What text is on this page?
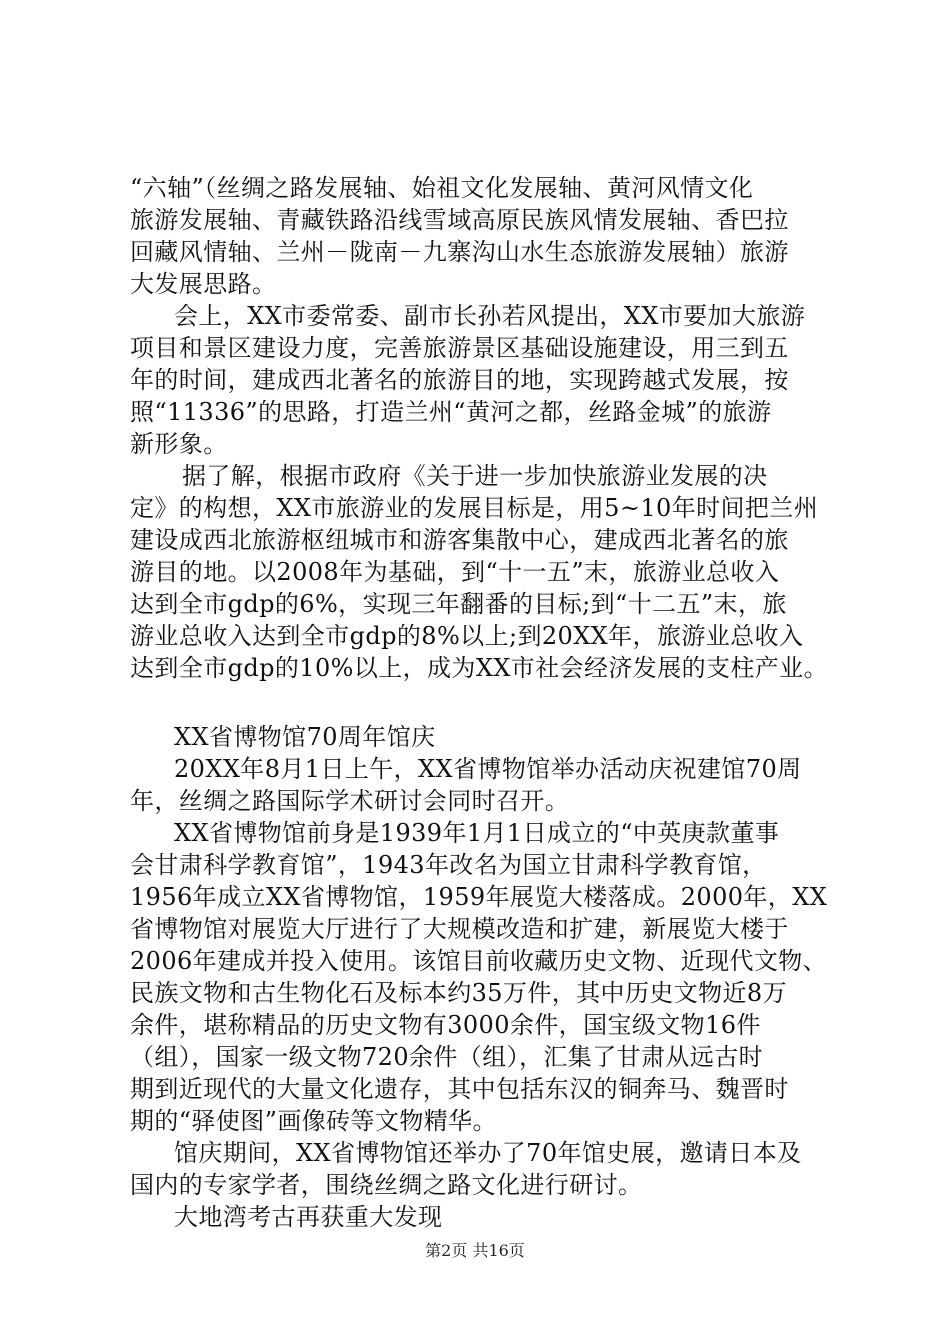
“六轴”（丝绸之路发展轴、始祖文化发展轴、黄河风情文化
旅游发展轴、青藏铁路沿线雪域高原民族风情发展轴、香巴拉
回藏风情轴、兰州－陇南－九寨沟山水生态旅游发展轴）旅游
大发展思路。
会上，XX市委常委、副市长孙若风提出，XX市要加大旅游
项目和景区建设力度，完善旅游景区基础设施建设，用三到五
年的时间，建成西北著名的旅游目的地，实现跨越式发展，按
照“11336”的思路，打造兰州“黄河之都，丝路金城”的旅游
新形象。
据了解，根据市政府《关于进一步加快旅游业发展的决
定》的构想，XX市旅游业的发展目标是，用5~10年时间把兰州
建设成西北旅游枢纽城市和游客集散中心，建成西北著名的旅
游目的地。以2008年为基础，到“十一五”末，旅游业总收入
达到全市gdp的6%，实现三年翻番的目标;到“十二五”末，旅
游业总收入达到全市gdp的8%以上;到20XX年，旅游业总收入
达到全市gdp的10%以上，成为XX市社会经济发展的支柱产业。
XX省博物馆70周年馆庆
20XX年8月1日上午，XX省博物馆举办活动庆祝建馆70周
年，丝绸之路国际学术研讨会同时召开。
XX省博物馆前身是1939年1月1日成立的“中英庚款董事
会甘肃科学教育馆”，1943年改名为国立甘肃科学教育馆，
1956年成立XX省博物馆，1959年展览大楼落成。2000年，XX
省博物馆对展览大厅进行了大规模改造和扩建，新展览大楼于
2006年建成并投入使用。该馆目前收藏历史文物、近现代文物、
民族文物和古生物化石及标本约35万件，其中历史文物近8万
余件，堪称精品的历史文物有3000余件，国宝级文物16件
（组），国家一级文物720余件（组），汇集了甘肃从远古时
期到近现代的大量文化遗存，其中包括东汉的铜奔马、魏晋时
期的“驿使图”画像砖等文物精华。
馆庆期间，XX省博物馆还举办了70年馆史展，邀请日本及
国内的专家学者，围绕丝绸之路文化进行研讨。
大地湾考古再获重大发现
第2页 共16页
